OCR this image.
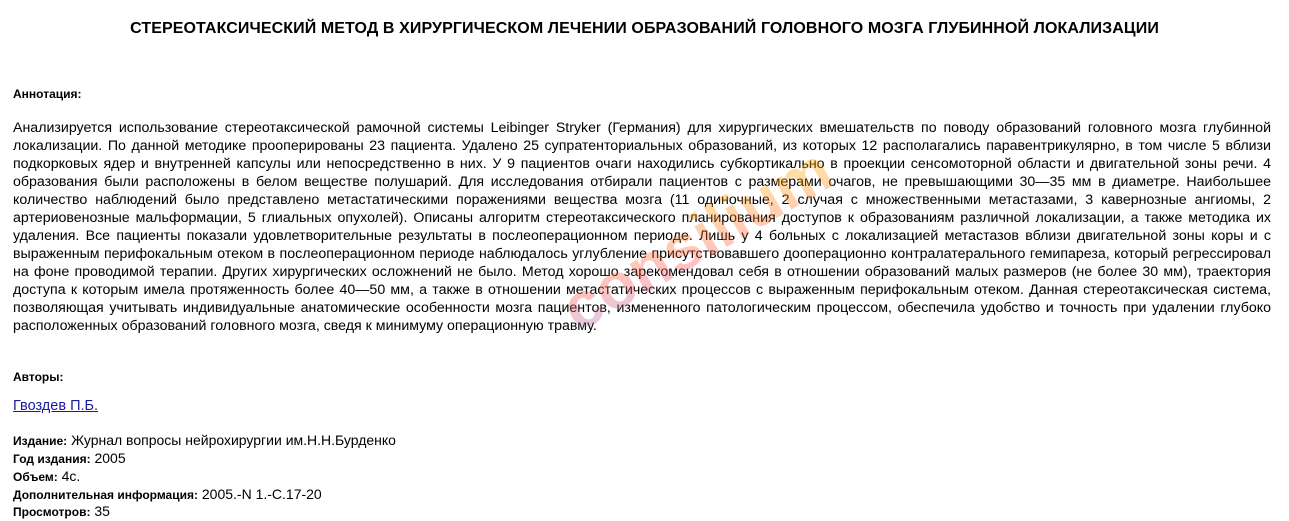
СТЕРЕОТАКСИЧЕСКИЙ МЕТОД В ХИРУРГИЧЕСКОМ ЛЕЧЕНИИ ОБРАЗОВАНИЙ ГОЛОВНОГО МОЗГА ГЛУБИННОЙ ЛОКАЛИЗАЦИИ
Аннотация:
Анализируется использование стереотаксической рамочной системы Leibinger Stryker (Германия) для хирургических вмешательств по поводу образований головного мозга глубинной локализации. По данной методике прооперированы 23 пациента. Удалено 25 супратенториальных образований, из которых 12 располагались паравентрикулярно, в том числе 5 вблизи подкорковых ядер и внутренней капсулы или непосредственно в них. У 9 пациентов очаги находились субкортикально в проекции сенсомоторной области и двигательной зоны речи. 4 образования были расположены в белом веществе полушарий. Для исследования отбирали пациентов с размерами очагов, не превышающими 30—35 мм в диаметре. Наибольшее количество наблюдений было представлено метастатическими поражениями вещества мозга (11 одиночные, 2 случая с множественными метастазами, 3 кавернозные ангиомы, 2 артериовенозные мальформации, 5 глиальных опухолей). Описаны алгоритм стереотаксического планирования доступов к образованиям различной локализации, а также методика их удаления. Все пациенты показали удовлетворительные результаты в послеоперационном периоде. Лишь у 4 больных с локализацией метастазов вблизи двигательной зоны коры и с выраженным перифокальным отеком в послеоперационном периоде наблюдалось углубление присутствовавшего дооперационно контралатерального гемипареза, который регрессировал на фоне проводимой терапии. Других хирургических осложнений не было. Метод хорошо зарекомендовал себя в отношении образований малых размеров (не более 30 мм), траектория доступа к которым имела протяженность более 40—50 мм, а также в отношении метастатических процессов с выраженным перифокальным отеком. Данная стереотаксическая система, позволяющая учитывать индивидуальные анатомические особенности мозга пациентов, измененного патологическим процессом, обеспечила удобство и точность при удалении глубоко расположенных образований головного мозга, сведя к минимуму операционную травму.
Авторы:
Гвоздев П.Б.
Издание: Журнал вопросы нейрохирургии им.Н.Н.Бурденко
Год издания: 2005
Объем: 4с.
Дополнительная информация: 2005.-N 1.-C.17-20
Просмотров: 35
consilium
